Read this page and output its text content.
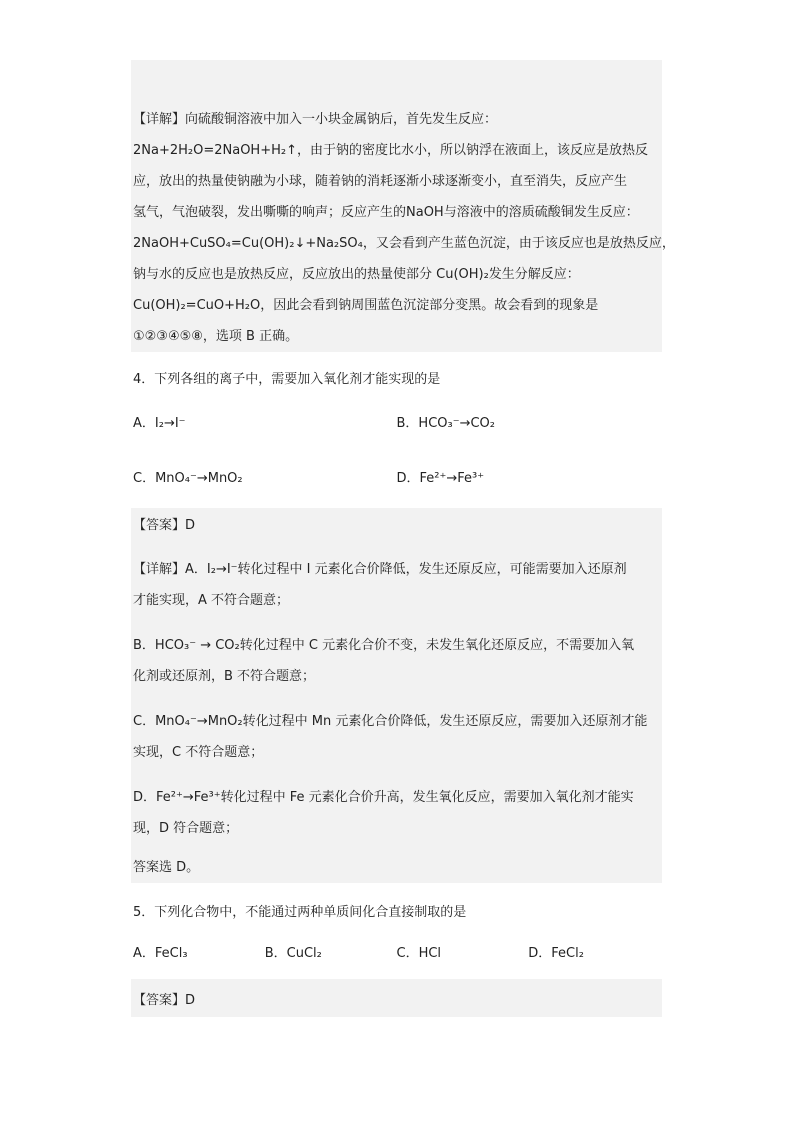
【详解】向硫酸铜溶液中加入一小块金属钠后，首先发生反应：
2Na+2H₂O=2NaOH+H₂↑，由于钠的密度比水小，所以钠浮在液面上，该反应是放热反
应，放出的热量使钠融为小球，随着钠的消耗逐渐小球逐渐变小，直至消失，反应产生
氢气，气泡破裂，发出嘶嘶的响声；反应产生的NaOH与溶液中的溶质硫酸铜发生反应：
2NaOH+CuSO₄=Cu(OH)₂↓+Na₂SO₄，又会看到产生蓝色沉淀，由于该反应也是放热反应，
钠与水的反应也是放热反应，反应放出的热量使部分 Cu(OH)₂发生分解反应：
Cu(OH)₂=CuO+H₂O，因此会看到钠周围蓝色沉淀部分变黑。故会看到的现象是
①②③④⑤⑧，选项 B 正确。
4．下列各组的离子中，需要加入氧化剂才能实现的是
A．I₂→I⁻	B．HCO₃⁻→CO₂
C．MnO₄⁻→MnO₂	D．Fe²⁺→Fe³⁺
【答案】D
【详解】A．I₂→I⁻转化过程中 I 元素化合价降低，发生还原反应，可能需要加入还原剂
才能实现，A 不符合题意；
B．HCO₃⁻ → CO₂转化过程中 C 元素化合价不变，未发生氧化还原反应，不需要加入氧
化剂或还原剂，B 不符合题意；
C．MnO₄⁻→MnO₂转化过程中 Mn 元素化合价降低，发生还原反应，需要加入还原剂才能
实现，C 不符合题意；
D．Fe²⁺→Fe³⁺转化过程中 Fe 元素化合价升高，发生氧化反应，需要加入氧化剂才能实
现，D 符合题意；
答案选 D。
5．下列化合物中，不能通过两种单质间化合直接制取的是
A．FeCl₃	B．CuCl₂	C．HCl	D．FeCl₂
【答案】D
